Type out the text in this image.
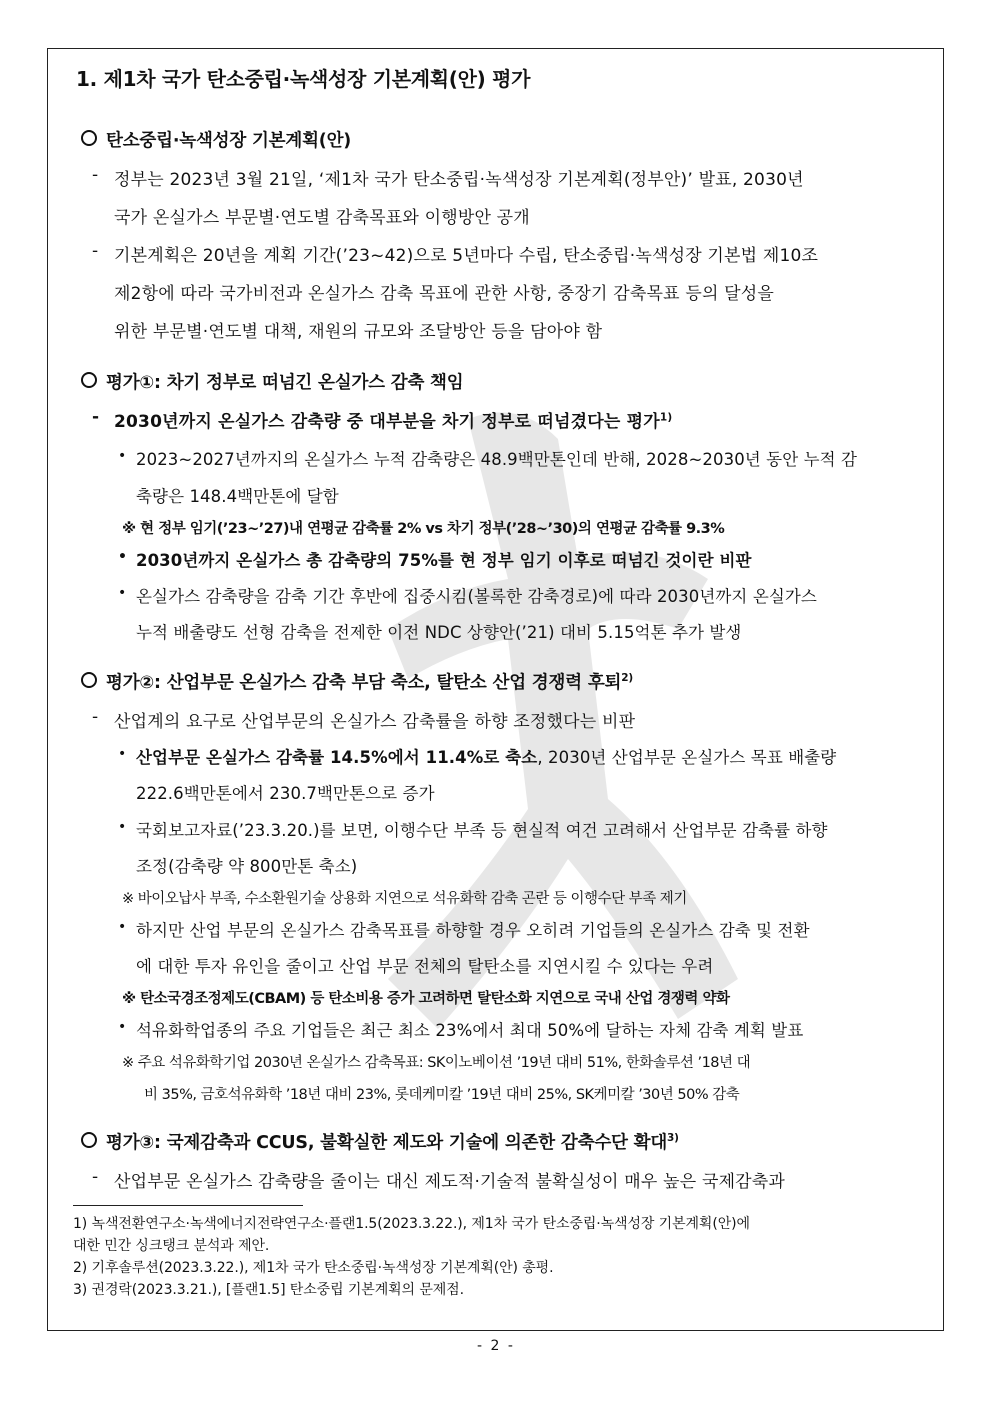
1. 제1차 국가 탄소중립·녹색성장 기본계획(안) 평가
탄소중립·녹색성장 기본계획(안)
- 정부는 2023년 3월 21일, ‘제1차 국가 탄소중립·녹색성장 기본계획(정부안)’ 발표, 2030년
국가 온실가스 부문별·연도별 감축목표와 이행방안 공개
- 기본계획은 20년을 계획 기간(’23~42)으로 5년마다 수립, 탄소중립·녹색성장 기본법 제10조
제2항에 따라 국가비전과 온실가스 감축 목표에 관한 사항, 중장기 감축목표 등의 달성을
위한 부문별·연도별 대책, 재원의 규모와 조달방안 등을 담아야 함
평가①: 차기 정부로 떠넘긴 온실가스 감축 책임
- 2030년까지 온실가스 감축량 중 대부분을 차기 정부로 떠넘겼다는 평가$^{1)}$
• 2023~2027년까지의 온실가스 누적 감축량은 48.9백만톤인데 반해, 2028~2030년 동안 누적 감
축량은 148.4백만톤에 달함
※ 현 정부 임기(’23~’27)내 연평균 감축률 2% vs 차기 정부(’28~’30)의 연평균 감축률 9.3%
• 2030년까지 온실가스 총 감축량의 75%를 현 정부 임기 이후로 떠넘긴 것이란 비판
• 온실가스 감축량을 감축 기간 후반에 집중시킴(볼록한 감축경로)에 따라 2030년까지 온실가스
누적 배출량도 선형 감축을 전제한 이전 NDC 상향안(’21) 대비 5.15억톤 추가 발생
평가②: 산업부문 온실가스 감축 부담 축소, 탈탄소 산업 경쟁력 후퇴$^{2)}$
- 산업계의 요구로 산업부문의 온실가스 감축률을 하향 조정했다는 비판
• 산업부문 온실가스 감축률 14.5%에서 11.4%로 축소, 2030년 산업부문 온실가스 목표 배출량
222.6백만톤에서 230.7백만톤으로 증가
• 국회보고자료(’23.3.20.)를 보면, 이행수단 부족 등 현실적 여건 고려해서 산업부문 감축률 하향
조정(감축량 약 800만톤 축소)
※ 바이오납사 부족, 수소환원기술 상용화 지연으로 석유화학 감축 곤란 등 이행수단 부족 제기
• 하지만 산업 부문의 온실가스 감축목표를 하향할 경우 오히려 기업들의 온실가스 감축 및 전환
에 대한 투자 유인을 줄이고 산업 부문 전체의 탈탄소를 지연시킬 수 있다는 우려
※ 탄소국경조정제도(CBAM) 등 탄소비용 증가 고려하면 탈탄소화 지연으로 국내 산업 경쟁력 약화
• 석유화학업종의 주요 기업들은 최근 최소 23%에서 최대 50%에 달하는 자체 감축 계획 발표
※ 주요 석유화학기업 2030년 온실가스 감축목표: SK이노베이션 ’19년 대비 51%, 한화솔루션 ’18년 대
비 35%, 금호석유화학 ’18년 대비 23%, 롯데케미칼 ’19년 대비 25%, SK케미칼 ’30년 50% 감축
평가③: 국제감축과 CCUS, 불확실한 제도와 기술에 의존한 감축수단 확대$^{3)}$
- 산업부문 온실가스 감축량을 줄이는 대신 제도적·기술적 불확실성이 매우 높은 국제감축과
1) 녹색전환연구소·녹색에너지전략연구소·플랜1.5(2023.3.22.), 제1차 국가 탄소중립·녹색성장 기본계획(안)에
대한 민간 싱크탱크 분석과 제안.
2) 기후솔루션(2023.3.22.), 제1차 국가 탄소중립·녹색성장 기본계획(안) 총평.
3) 권경락(2023.3.21.), [플랜1.5] 탄소중립 기본계획의 문제점.
- 2 -
